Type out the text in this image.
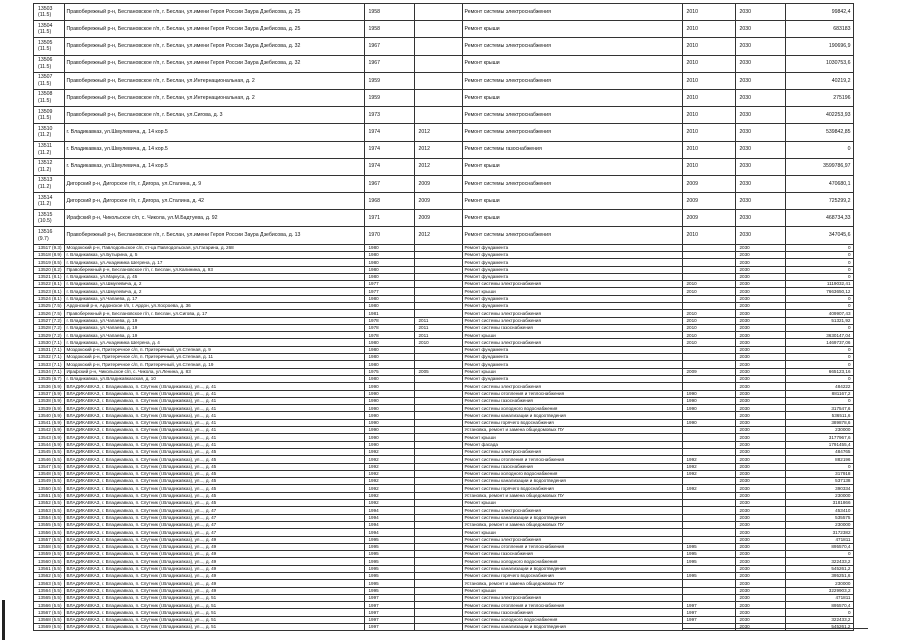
13503 (11.5)	Правобережный р-н, Беслановское г/п, г. Беслан, ул.имени Героя России Заура Дзебисова, д. 25	1958		Ремонт системы электроснабжения	2010	2030	99842,4
13504 (11.5)	Правобережный р-н, Беслановское г/п, г. Беслан, ул.имени Героя России Заура Дзебисова, д. 25	1958		Ремонт крыши	2010	2030	683183
13505 (11.5)	Правобережный р-н, Беслановское г/п, г. Беслан, ул.имени Героя России Заура Дзебисова, д. 32	1967		Ремонт системы электроснабжения	2010	2030	190696,9
13506 (11.5)	Правобережный р-н, Беслановское г/п, г. Беслан, ул.имени Героя России Заура Дзебисова, д. 32	1967		Ремонт крыши	2010	2030	1030753,6
13507 (11.5)	Правобережный р-н, Беслановское г/п, г. Беслан, ул.Интернациональная, д. 2	1959		Ремонт системы электроснабжения	2010	2030	40219,2
13508 (11.5)	Правобережный р-н, Беслановское г/п, г. Беслан, ул.Интернациональная, д. 2	1959		Ремонт крыши	2010	2030	275196
13509 (11.5)	Правобережный р-н, Беслановское г/п, г. Беслан, ул.Сигова, д. 3	1973		Ремонт системы электроснабжения	2010	2030	402253,93
13510 (11.2)	г. Владикавказ, ул.Шмулевича, д. 14 кор.5	1974	2012	Ремонт системы электроснабжения	2010	2030	539842,85
13511 (11.2)	г. Владикавказ, ул.Шмулевича, д. 14 кор.5	1974	2012	Ремонт системы газоснабжения	2010	2030	0
13512 (11.2)	г. Владикавказ, ул.Шмулевича, д. 14 кор.5	1974	2012	Ремонт крыши	2010	2030	3599786,97
13513 (11.2)	Дигорский р-н, Дигорское г/п, г. Дигора, ул.Сталина, д. 9	1967	2009	Ремонт системы электроснабжения	2009	2030	470680,1
13514 (11.2)	Дигорский р-н, Дигорское г/п, г. Дигора, ул.Сталина, д. 42	1968	2009	Ремонт крыши	2009	2030	725299,2
13515 (10.5)	Ирафский р-н, Чикольское с/п, с. Чикола, ул.М.Бадтуева, д. 92	1971	2009	Ремонт крыши	2009	2030	468734,33
13516 (9.7)	Правобережный р-н, Беслановское г/п, г. Беслан, ул.имени Героя России Заура Дзебисова, д. 13	1970	2012	Ремонт системы электроснабжения	2010	2030	347045,6
13517 (9.3)	Моздокский р-н, Павлодольское с/п, ст-ца Павлодольская, ул.Гагарина, д. 268	1980		Ремонт фундамента		2030	0
13518 (8.9)	г. Владикавказ, ул.Бутырина, д. 5	1980		Ремонт фундамента		2030	0
13519 (8.5)	г. Владикавказ, ул.Академика Шегрена, д. 17	1980		Ремонт фундамента		2030	0
13520 (8.2)	Правобережный р-н, Беслановское г/п, г. Беслан, ул.Калинина, д. 93	1980		Ремонт фундамента		2030	0
13521 (8.1)	г. Владикавказ, ул.Маркуса, д. 45	1980		Ремонт фундамента		2030	0
13522 (8.1)	г. Владикавказ, ул.Шмулевича, д. 2	1977		Ремонт системы электроснабжения	2010	2030	1119032,41
13523 (8.1)	г. Владикавказ, ул.Шмулевича, д. 2	1977		Ремонт крыши	2010	2030	7663650,12
13524 (8.1)	г. Владикавказ, ул.Чапаева, д. 17	1980		Ремонт фундамента		2030	0
13525 (7.5)	Ардонский р-н, Ардонское г/п, г. Ардон, ул.Хосроева, д. 36	1980		Ремонт фундамента		2030	0
13526 (7.5)	Правобережный р-н, Беслановское г/п, г. Беслан, ул.Сигова, д. 17	1981		Ремонт системы электроснабжения	2010	2030	409907,43
13527 (7.2)	г. Владикавказ, ул.Чапаева, д. 19	1978	2011	Ремонт системы электроснабжения	2010	2030	51321,92
13528 (7.2)	г. Владикавказ, ул.Чапаева, д. 19	1978	2011	Ремонт системы газоснабжения	2010	2030	0
13529 (7.2)	г. Владикавказ, ул.Чапаева, д. 19	1978	2011	Ремонт крыши	2010	2030	3630147,04
13530 (7.1)	г. Владикавказ, ул.Академика Шегрена, д. 4	1980	2010	Ремонт системы электроснабжения	2010	2030	1469737,06
13531 (7.1)	Моздокский р-н, Притеречное с/п, п. Притеречный, ул.Степная, д. 9	1980		Ремонт фундамента		2030	0
13532 (7.1)	Моздокский р-н, Притеречное с/п, п. Притеречный, ул.Степная, д. 11	1980		Ремонт фундамента		2030	0
13533 (7.1)	Моздокский р-н, Притеречное с/п, п. Притеречный, ул.Степная, д. 19	1980		Ремонт фундамента		2030	0
13534 (7.1)	Ирафский р-н, Чикольское с/п, с. Чикола, ул.Ленина, д. 83	1975	2005	Ремонт крыши	2009	2030	665123,16
13535 (6.7)	г. Владикавказ, ул.Владикавказская, д. 10	1980		Ремонт фундамента		2030	0
13536 (5.9)	ВЛАДИКАВКАЗ, г. Владикавказ, п. Спутник (г.Владикавказ), ул..., д. 41	1990		Ремонт системы электроснабжения		2030	484222
13537 (5.9)	ВЛАДИКАВКАЗ, г. Владикавказ, п. Спутник (г.Владикавказ), ул..., д. 41	1990		Ремонт системы отопления и теплоснабжения	1990	2030	881167,2
13538 (5.9)	ВЛАДИКАВКАЗ, г. Владикавказ, п. Спутник (г.Владикавказ), ул..., д. 41	1990		Ремонт системы газоснабжения	1990	2030	0
13539 (5.9)	ВЛАДИКАВКАЗ, г. Владикавказ, п. Спутник (г.Владикавказ), ул..., д. 41	1990		Ремонт системы холодного водоснабжения	1990	2030	317547,6
13540 (5.9)	ВЛАДИКАВКАЗ, г. Владикавказ, п. Спутник (г.Владикавказ), ул..., д. 41	1990		Ремонт системы канализации и водоотведения		2030	536511,6
13541 (5.9)	ВЛАДИКАВКАЗ, г. Владикавказ, п. Спутник (г.Владикавказ), ул..., д. 41	1990		Ремонт системы горячего водоснабжения	1990	2030	389878,6
13542 (5.9)	ВЛАДИКАВКАЗ, г. Владикавказ, п. Спутник (г.Владикавказ), ул..., д. 41	1990		Установка, ремонт и замена общедомовых ПУ		2030	230000
13543 (5.9)	ВЛАДИКАВКАЗ, г. Владикавказ, п. Спутник (г.Владикавказ), ул..., д. 41	1990		Ремонт крыши		2030	3177967,6
13544 (5.9)	ВЛАДИКАВКАЗ, г. Владикавказ, п. Спутник (г.Владикавказ), ул..., д. 41	1990		Ремонт фасада		2030	1791455,4
13545 (5.5)	ВЛАДИКАВКАЗ, г. Владикавказ, п. Спутник (г.Владикавказ), ул..., д. 45	1992		Ремонт системы электроснабжения		2030	484765
13546 (5.5)	ВЛАДИКАВКАЗ, г. Владикавказ, п. Спутник (г.Владикавказ), ул..., д. 45	1992		Ремонт системы отопления и теплоснабжения	1992	2030	882196
13547 (5.5)	ВЛАДИКАВКАЗ, г. Владикавказ, п. Спутник (г.Владикавказ), ул..., д. 45	1992		Ремонт системы газоснабжения	1992	2030	0
13548 (5.5)	ВЛАДИКАВКАЗ, г. Владикавказ, п. Спутник (г.Владикавказ), ул..., д. 45	1992		Ремонт системы холодного водоснабжения	1992	2030	317918
13549 (5.5)	ВЛАДИКАВКАЗ, г. Владикавказ, п. Спутник (г.Владикавказ), ул..., д. 45	1992		Ремонт системы канализации и водоотведения		2030	537138
13550 (5.5)	ВЛАДИКАВКАЗ, г. Владикавказ, п. Спутник (г.Владикавказ), ул..., д. 45	1992		Ремонт системы горячего водоснабжения	1992	2030	390334
13551 (5.5)	ВЛАДИКАВКАЗ, г. Владикавказ, п. Спутник (г.Владикавказ), ул..., д. 45	1992		Установка, ремонт и замена общедомовых ПУ		2030	230000
13552 (5.5)	ВЛАДИКАВКАЗ, г. Владикавказ, п. Спутник (г.Владикавказ), ул..., д. 45	1992		Ремонт крыши		2030	3181866
13553 (5.5)	ВЛАДИКАВКАЗ, г. Владикавказ, п. Спутник (г.Владикавказ), ул..., д. 47	1994		Ремонт системы электроснабжения		2030	453410
13554 (5.5)	ВЛАДИКАВКАЗ, г. Владикавказ, п. Спутник (г.Владикавказ), ул..., д. 47	1994		Ремонт системы канализации и водоотведения		2030	535575
13555 (5.5)	ВЛАДИКАВКАЗ, г. Владикавказ, п. Спутник (г.Владикавказ), ул..., д. 47	1994		Установка, ремонт и замена общедомовых ПУ		2030	230000
13556 (5.5)	ВЛАДИКАВКАЗ, г. Владикавказ, п. Спутник (г.Владикавказ), ул..., д. 47	1994		Ремонт крыши		2030	3172382
13557 (5.5)	ВЛАДИКАВКАЗ, г. Владикавказ, п. Спутник (г.Владикавказ), ул..., д. 49	1995		Ремонт системы электроснабжения		2030	471811
13558 (5.5)	ВЛАДИКАВКАЗ, г. Владикавказ, п. Спутник (г.Владикавказ), ул..., д. 49	1995		Ремонт системы отопления и теплоснабжения	1995	2030	895570,4
13559 (5.5)	ВЛАДИКАВКАЗ, г. Владикавказ, п. Спутник (г.Владикавказ), ул..., д. 49	1995		Ремонт системы газоснабжения	1995	2030	0
13560 (5.5)	ВЛАДИКАВКАЗ, г. Владикавказ, п. Спутник (г.Владикавказ), ул..., д. 49	1995		Ремонт системы холодного водоснабжения	1995	2030	322433,2
13561 (5.5)	ВЛАДИКАВКАЗ, г. Владикавказ, п. Спутник (г.Владикавказ), ул..., д. 49	1995		Ремонт системы канализации и водоотведения		2030	545261,2
13562 (5.5)	ВЛАДИКАВКАЗ, г. Владикавказ, п. Спутник (г.Владикавказ), ул..., д. 49	1995		Ремонт системы горячего водоснабжения	1995	2030	395251,6
13563 (5.5)	ВЛАДИКАВКАЗ, г. Владикавказ, п. Спутник (г.Владикавказ), ул..., д. 49	1995		Установка, ремонт и замена общедомовых ПУ		2030	230000
13564 (5.5)	ВЛАДИКАВКАЗ, г. Владикавказ, п. Спутник (г.Владикавказ), ул..., д. 49	1995		Ремонт крыши		2030	3229903,2
13565 (5.5)	ВЛАДИКАВКАЗ, г. Владикавказ, п. Спутник (г.Владикавказ), ул..., д. 51	1997		Ремонт системы электроснабжения		2030	471811
13566 (5.5)	ВЛАДИКАВКАЗ, г. Владикавказ, п. Спутник (г.Владикавказ), ул..., д. 51	1997		Ремонт системы отопления и теплоснабжения	1997	2030	895570,4
13567 (5.5)	ВЛАДИКАВКАЗ, г. Владикавказ, п. Спутник (г.Владикавказ), ул..., д. 51	1997		Ремонт системы газоснабжения	1997	2030	0
13568 (5.5)	ВЛАДИКАВКАЗ, г. Владикавказ, п. Спутник (г.Владикавказ), ул..., д. 51	1997		Ремонт системы холодного водоснабжения	1997	2030	322433,2
13569 (5.5)	ВЛАДИКАВКАЗ, г. Владикавказ, п. Спутник (г.Владикавказ), ул..., д. 51	1997		Ремонт системы канализации и водоотведения		2030	545261,2
